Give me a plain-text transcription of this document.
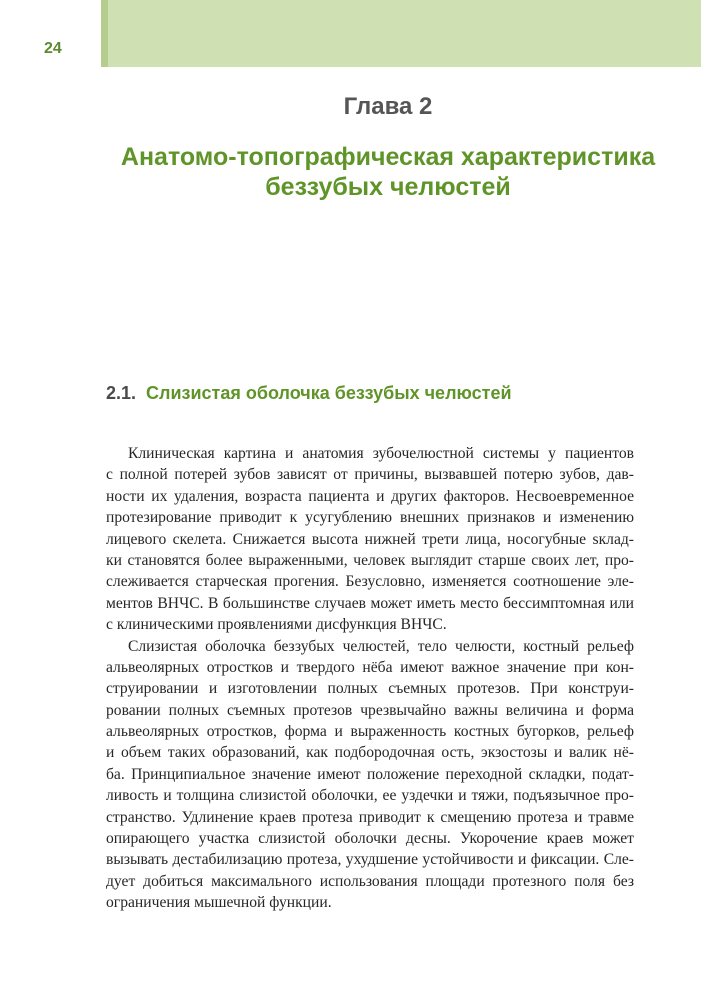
24
Глава 2
Анатомо-топографическая характеристика
беззубых челюстей
2.1. Слизистая оболочка беззубых челюстей
Клиническая картина и анатомия зубочелюстной системы у пациентов
с полной потерей зубов зависят от причины, вызвавшей потерю зубов, дав-
ности их удаления, возраста пациента и других факторов. Несвоевременное
протезирование приводит к усугублению внешних признаков и изменению
лицевого скелета. Снижается высота нижней трети лица, носогубные sклад-
ки становятся более выраженными, человек выглядит старше своих лет, про-
слеживается старческая прогения. Безусловно, изменяется соотношение эле-
ментов ВНЧС. В большинстве случаев может иметь место бессимптомная или
с клиническими проявлениями дисфункция ВНЧС.
Слизистая оболочка беззубых челюстей, тело челюсти, костный рельеф
альвеолярных отростков и твердого нёба имеют важное значение при кон-
струировании и изготовлении полных съемных протезов. При конструи-
ровании полных съемных протезов чрезвычайно важны величина и форма
альвеолярных отростков, форма и выраженность костных бугорков, рельеф
и объем таких образований, как подбородочная ость, экзостозы и валик нё-
ба. Принципиальное значение имеют положение переходной складки, подат-
ливость и толщина слизистой оболочки, ее уздечки и тяжи, подъязычное про-
странство. Удлинение краев протеза приводит к смещению протеза и травме
опирающего участка слизистой оболочки десны. Укорочение краев может
вызывать дестабилизацию протеза, ухудшение устойчивости и фиксации. Сле-
дует добиться максимального использования площади протезного поля без
ограничения мышечной функции.
